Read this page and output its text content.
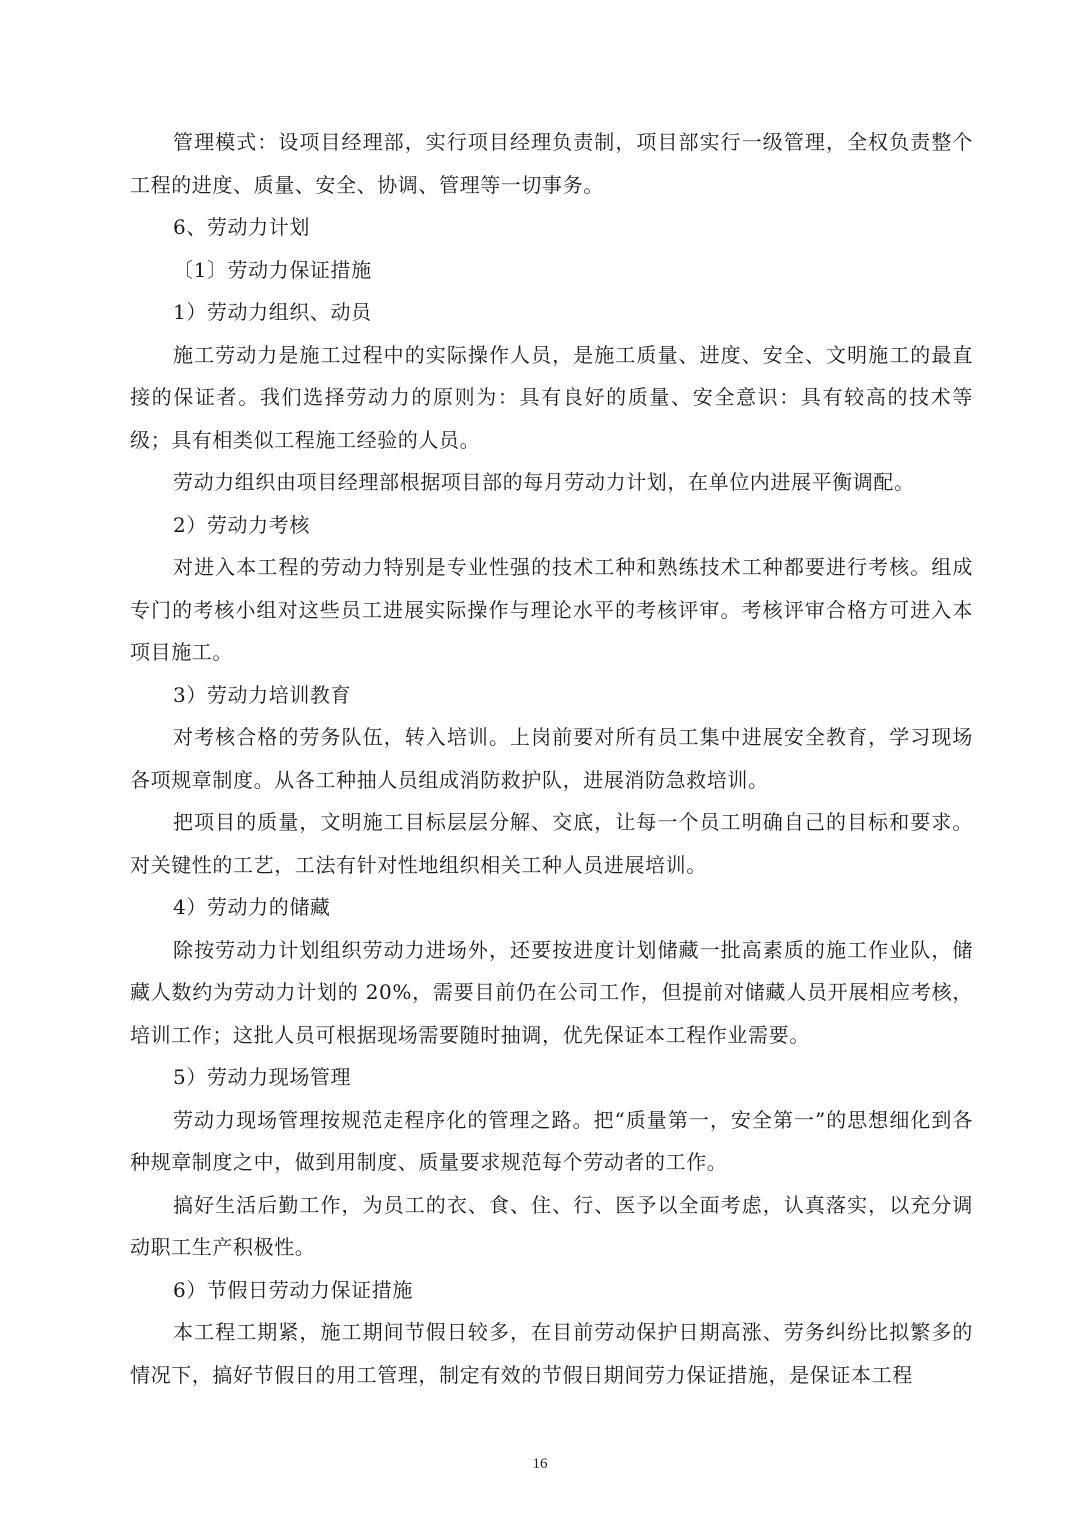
管理模式：设项目经理部，实行项目经理负责制，项目部实行一级管理，全权负责整个工程的进度、质量、安全、协调、管理等一切事务。

6、劳动力计划

〔1〕劳动力保证措施

1）劳动力组织、动员

施工劳动力是施工过程中的实际操作人员，是施工质量、进度、安全、文明施工的最直接的保证者。我们选择劳动力的原则为：具有良好的质量、安全意识：具有较高的技术等级；具有相类似工程施工经验的人员。

劳动力组织由项目经理部根据项目部的每月劳动力计划，在单位内进展平衡调配。

2）劳动力考核

对进入本工程的劳动力特别是专业性强的技术工种和熟练技术工种都要进行考核。组成专门的考核小组对这些员工进展实际操作与理论水平的考核评审。考核评审合格方可进入本项目施工。

3）劳动力培训教育

对考核合格的劳务队伍，转入培训。上岗前要对所有员工集中进展安全教育，学习现场各项规章制度。从各工种抽人员组成消防救护队，进展消防急救培训。

把项目的质量，文明施工目标层层分解、交底，让每一个员工明确自己的目标和要求。对关键性的工艺，工法有针对性地组织相关工种人员进展培训。

4）劳动力的储藏

除按劳动力计划组织劳动力进场外，还要按进度计划储藏一批高素质的施工作业队，储藏人数约为劳动力计划的 20%，需要目前仍在公司工作，但提前对储藏人员开展相应考核，培训工作；这批人员可根据现场需要随时抽调，优先保证本工程作业需要。

5）劳动力现场管理

劳动力现场管理按规范走程序化的管理之路。把“质量第一，安全第一”的思想细化到各种规章制度之中，做到用制度、质量要求规范每个劳动者的工作。

搞好生活后勤工作，为员工的衣、食、住、行、医予以全面考虑，认真落实，以充分调动职工生产积极性。

6）节假日劳动力保证措施

本工程工期紧，施工期间节假日较多，在目前劳动保护日期高涨、劳务纠纷比拟繁多的情况下，搞好节假日的用工管理，制定有效的节假日期间劳力保证措施，是保证本工程

16
